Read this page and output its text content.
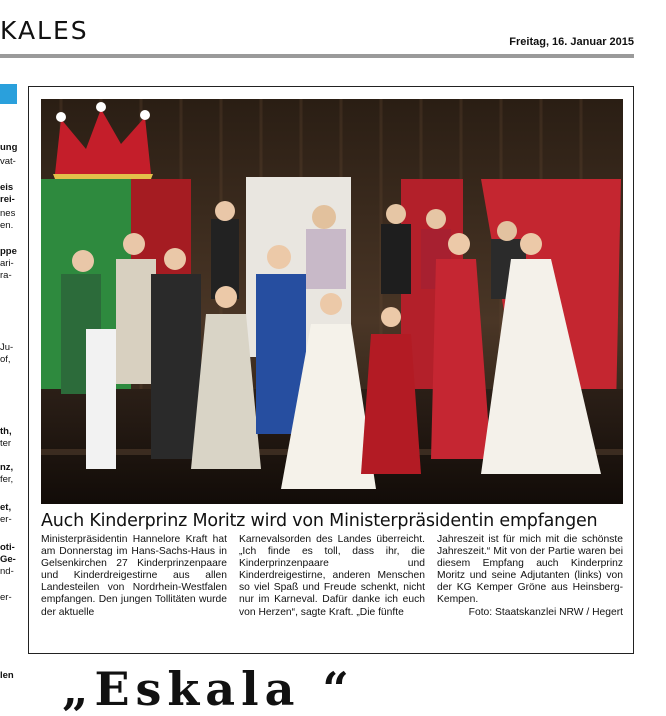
KALES	Freitag, 16. Januar 2015
ung
vat-
eis
rei-
nes
en.
ppe
ari-
ra-
Ju-
of,
th,
ter
nz,
fer,
et,
er-
oti-
Ge-
nd-
er-
Auch Kinderprinz Moritz wird von Ministerpräsidentin empfangen

Ministerpräsidentin Hannelore Kraft hat am Donnerstag im Hans-Sachs-Haus in Gelsenkirchen 27 Kinderprinzenpaare und Kinderdreigestirne aus allen Landesteilen von Nordrhein-Westfalen empfangen. Den jungen Tollitäten wurde der aktuelle

Karnevalsorden des Landes überreicht. „Ich finde es toll, dass ihr, die Kinderprinzenpaare und Kinderdreigestirne, anderen Menschen so viel Spaß und Freude schenkt, nicht nur im Karneval. Dafür danke ich euch von Herzen“, sagte Kraft. „Die fünfte

Jahreszeit ist für mich mit die schönste Jahreszeit.“ Mit von der Partie waren bei diesem Empfang auch Kinderprinz Moritz und seine Adjutanten (links) von der KG Kemper Gröne aus Heinsberg-Kempen.
Foto: Staatskanzlei NRW / Hegert
„Eskala “
len
